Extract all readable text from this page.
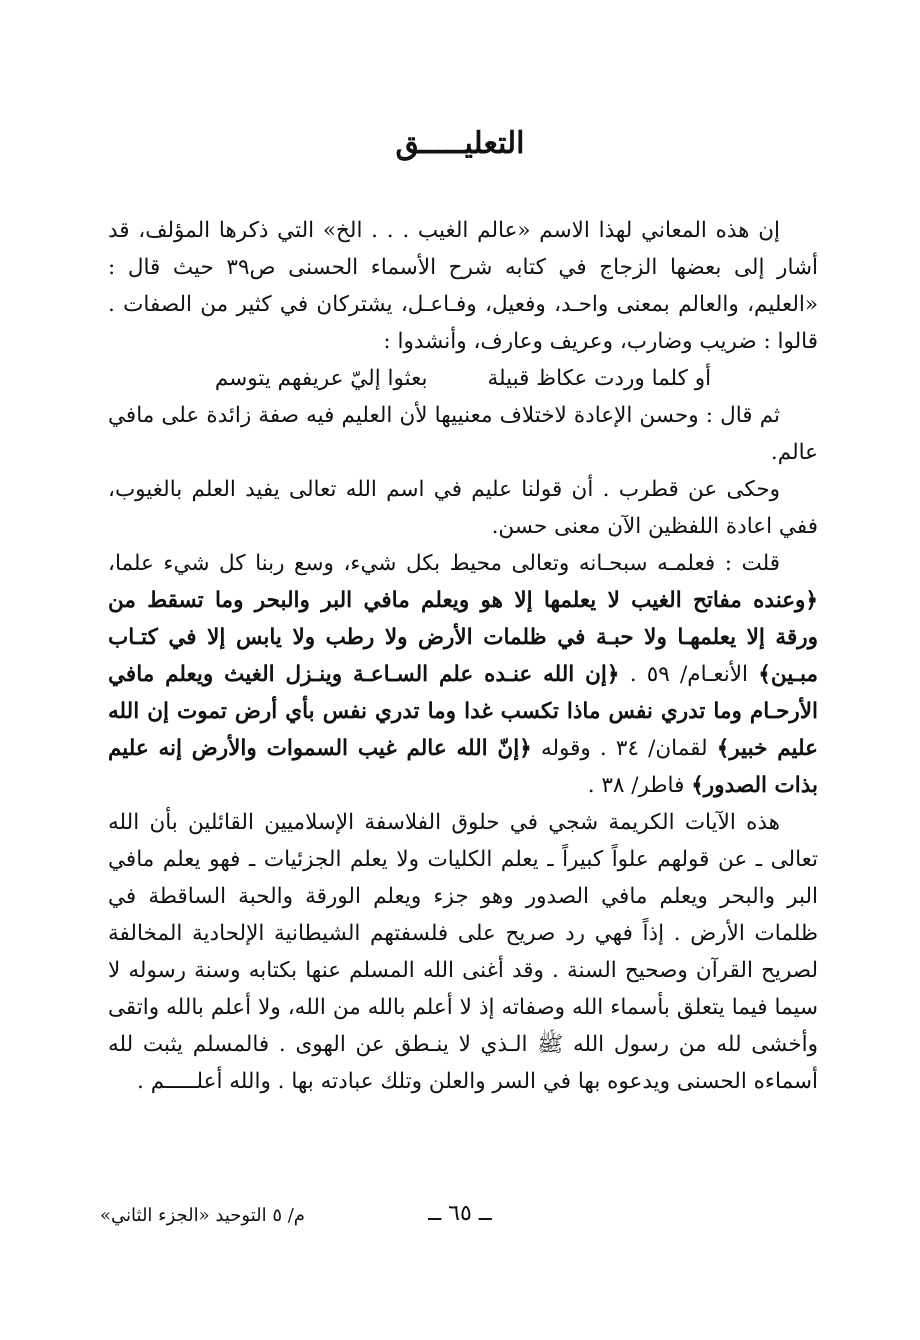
التعليـــــق

إن هذه المعاني لهذا الاسم «عالم الغيب . . . الخ» التي ذكرها المؤلف، قد أشار إلى بعضها الزجاج في كتابه شرح الأسماء الحسنى ص٣٩ حيث قال : «العليم، والعالم بمعنى واحـد، وفعيل، وفـاعـل، يشتركان في كثير من الصفات . قالوا : ضريب وضارب، وعريف وعارف، وأنشدوا :

أو كلما وردت عكاظ قبيلة
بعثوا إليّ عريفهم يتوسم

ثم قال : وحسن الإعادة لاختلاف معنييها لأن العليم فيه صفة زائدة على مافي عالم.

وحكى عن قطرب . أن قولنا عليم في اسم الله تعالى يفيد العلم بالغيوب، ففي اعادة اللفظين الآن معنى حسن.

قلت : فعلمـه سبحـانه وتعالى محيط بكل شيء، وسع ربنا كل شيء علما، ﴿وعنده مفاتح الغيب لا يعلمها إلا هو ويعلم مافي البر والبحر وما تسقط من ورقة إلا يعلمهـا ولا حبـة في ظلمات الأرض ولا رطب ولا يابس إلا في كتـاب مبـين﴾ الأنعـام/ ٥٩ . ﴿إن الله عنـده علم السـاعـة وينـزل الغيث ويعلم مافي الأرحـام وما تدري نفس ماذا تكسب غدا وما تدري نفس بأي أرض تموت إن الله عليم خبير﴾ لقمان/ ٣٤ . وقوله ﴿إنّ الله عالم غيب السموات والأرض إنه عليم بذات الصدور﴾ فاطر/ ٣٨ .

هذه الآيات الكريمة شجي في حلوق الفلاسفة الإسلاميين القائلين بأن الله تعالى ـ عن قولهم علواً كبيراً ـ يعلم الكليات ولا يعلم الجزئيات ـ فهو يعلم مافي البر والبحر ويعلم مافي الصدور وهو جزء ويعلم الورقة والحبة الساقطة في ظلمات الأرض . إذاً فهي رد صريح على فلسفتهم الشيطانية الإلحادية المخالفة لصريح القرآن وصحيح السنة . وقد أغنى الله المسلم عنها بكتابه وسنة رسوله لا سيما فيما يتعلق بأسماء الله وصفاته إذ لا أعلم بالله من الله، ولا أعلم بالله واتقى وأخشى لله من رسول الله ﷺ الـذي لا ينـطق عن الهوى . فالمسلم يثبت لله أسماءه الحسنى ويدعوه بها في السر والعلن وتلك عبادته بها . والله أعلـــــم .

ــ ٦٥ ــ
م/ ٥ التوحيد «الجزء الثاني»
